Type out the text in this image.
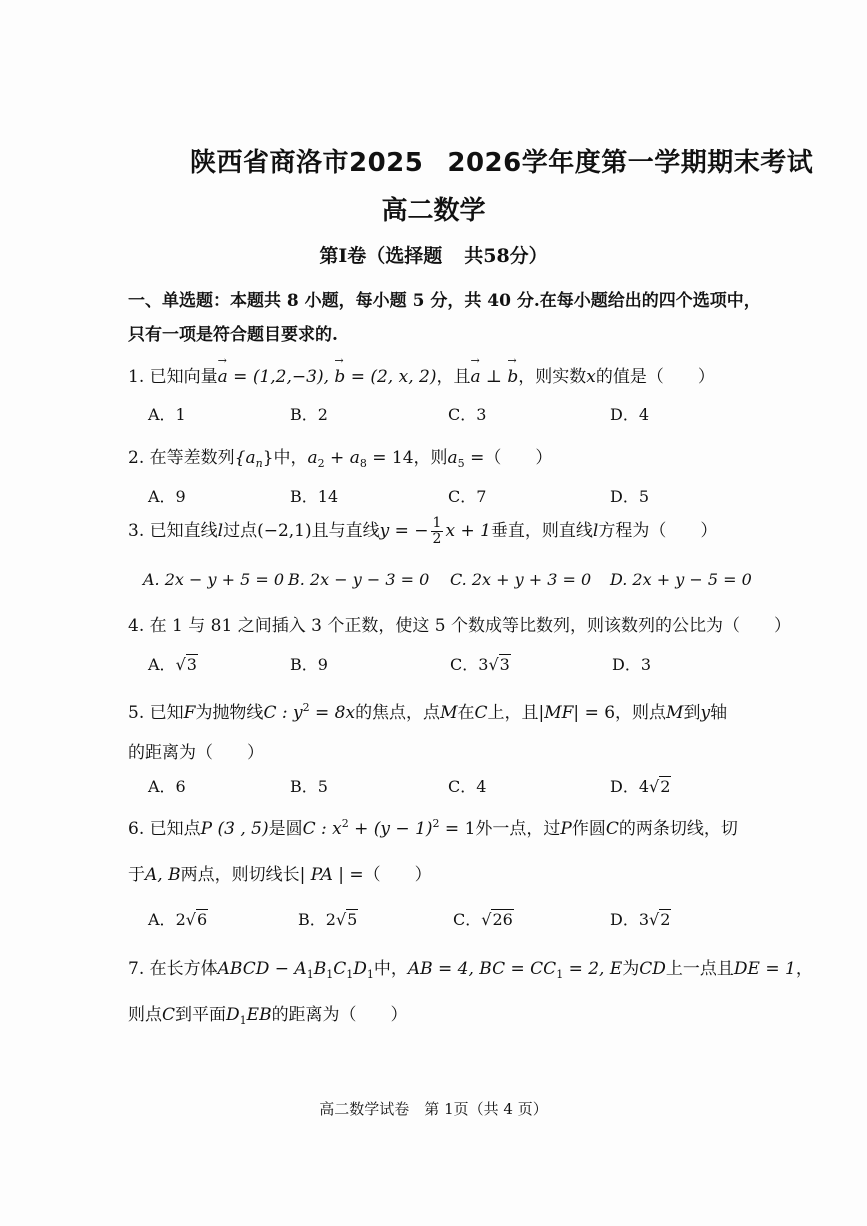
陕西省商洛市2025 2026学年度第一学期期末考试
高二数学
第Ⅰ卷（选择题 共58分）
一、单选题：本题共 8 小题，每小题 5 分，共 40 分.在每小题给出的四个选项中，
只有一项是符合题目要求的.
1. 已知向量→ a = (1,2,−3), → b = (2, x, 2)，且→ a ⊥ → b，则实数x的值是（　　）
A．1	B．2	C．3	D．4
2. 在等差数列$\{a_n\}$中，$a_2 + a_8 = 14$，则$a_5$ =（　　）
A．9	B．14	C．7	D．5
3. 已知直线l过点(−2,1)且与直线y = − $\frac{1}{2}$ x + 1垂直，则直线l方程为（　　）
A. 2x − y + 5 = 0 B. 2x − y − 3 = 0 C. 2x + y + 3 = 0 D. 2x + y − 5 = 0
4. 在 1 与 81 之间插入 3 个正数，使这 5 个数成等比数列，则该数列的公比为（　　）
A．√3	B．9	C．3√3	D．3
5. 已知F为抛物线C : $y^2 = 8x$的焦点，点M在C上，且|MF| = 6，则点M到y轴
的距离为（　　）
A．6	B．5	C．4	D．4√2
6. 已知点P (3 , 5)是圆C : $x^2 + (y - 1)^2 = 1$外一点，过P作圆C的两条切线，切
于A, B两点，则切线长| PA | =（　　）
A．2√6	B．2√5	C．√26	D．3√2
7. 在长方体ABCD − $A_1B_1C_1D_1$中，AB = 4, BC = $CC_1 = 2$, E为CD上一点且DE = 1，
则点C到平面$D_1EB$的距离为（　　）
高二数学试卷　第 1页（共 4 页）
